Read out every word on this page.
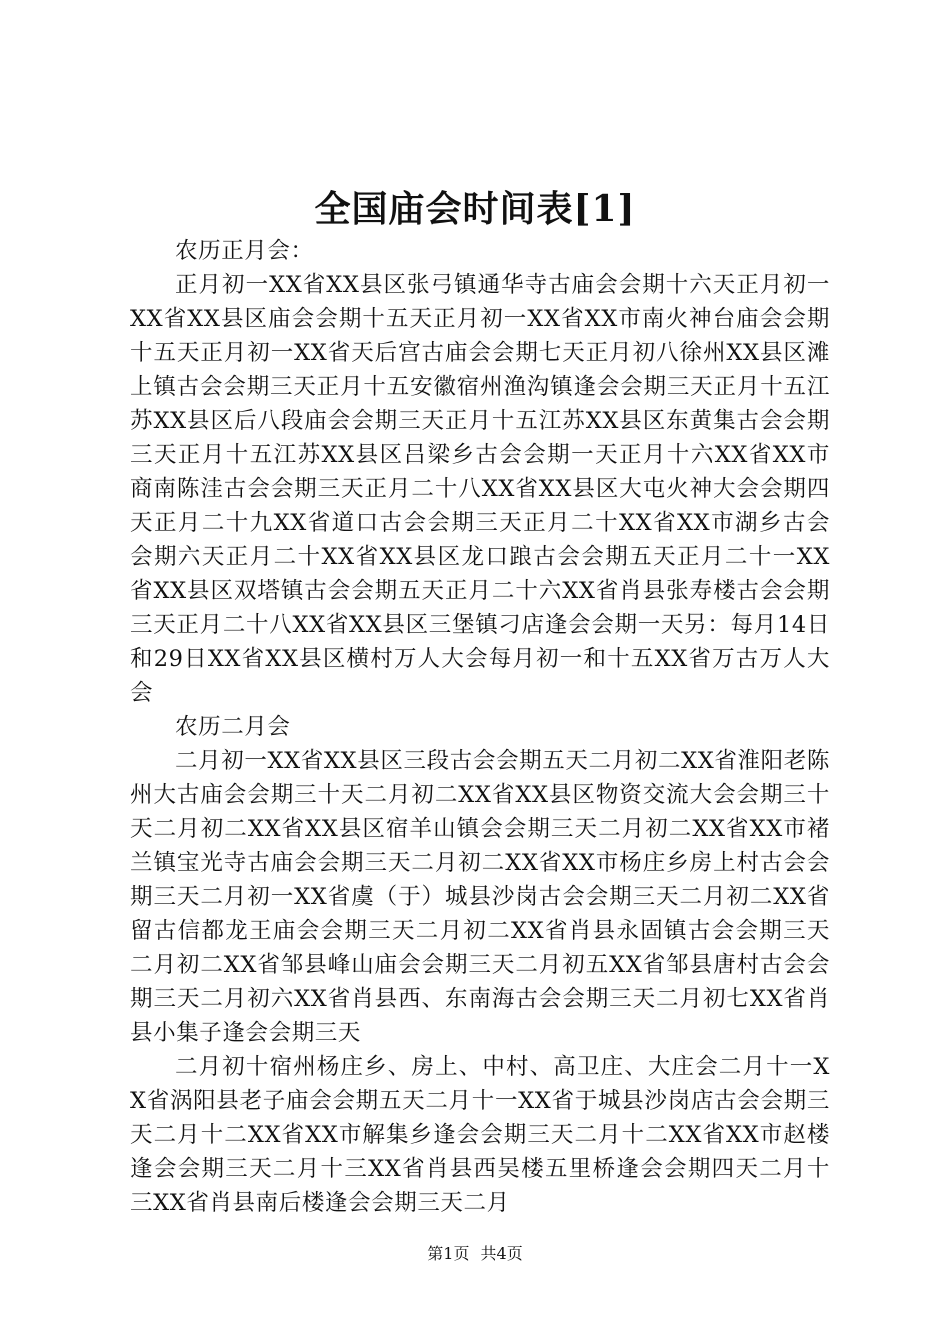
全国庙会时间表[1]

农历正月会：

正月初一XX省XX县区张弓镇通华寺古庙会会期十六天正月初一XX省XX县区庙会会期十五天正月初一XX省XX市南火神台庙会会期十五天正月初一XX省天后宫古庙会会期七天正月初八徐州XX县区滩上镇古会会期三天正月十五安徽宿州渔沟镇逢会会期三天正月十五江苏XX县区后八段庙会会期三天正月十五江苏XX县区东黄集古会会期三天正月十五江苏XX县区吕梁乡古会会期一天正月十六XX省XX市商南陈洼古会会期三天正月二十八XX省XX县区大屯火神大会会期四天正月二十九XX省道口古会会期三天正月二十XX省XX市湖乡古会会期六天正月二十XX省XX县区龙口踉古会会期五天正月二十一XX省XX县区双塔镇古会会期五天正月二十六XX省肖县张寿楼古会会期三天正月二十八XX省XX县区三堡镇刁店逢会会期一天另：每月14日和29日XX省XX县区横村万人大会每月初一和十五XX省万古万人大会

农历二月会

二月初一XX省XX县区三段古会会期五天二月初二XX省淮阳老陈州大古庙会会期三十天二月初二XX省XX县区物资交流大会会期三十天二月初二XX省XX县区宿羊山镇会会期三天二月初二XX省XX市褚兰镇宝光寺古庙会会期三天二月初二XX省XX市杨庄乡房上村古会会期三天二月初一XX省虞（于）城县沙岗古会会期三天二月初二XX省留古信都龙王庙会会期三天二月初二XX省肖县永固镇古会会期三天二月初二XX省邹县峰山庙会会期三天二月初五XX省邹县唐村古会会期三天二月初六XX省肖县西、东南海古会会期三天二月初七XX省肖县小集子逢会会期三天

二月初十宿州杨庄乡、房上、中村、高卫庄、大庄会二月十一XX省涡阳县老子庙会会期五天二月十一XX省于城县沙岗店古会会期三天二月十二XX省XX市解集乡逢会会期三天二月十二XX省XX市赵楼逢会会期三天二月十三XX省肖县西吴楼五里桥逢会会期四天二月十三XX省肖县南后楼逢会会期三天二月

第1页 共4页
